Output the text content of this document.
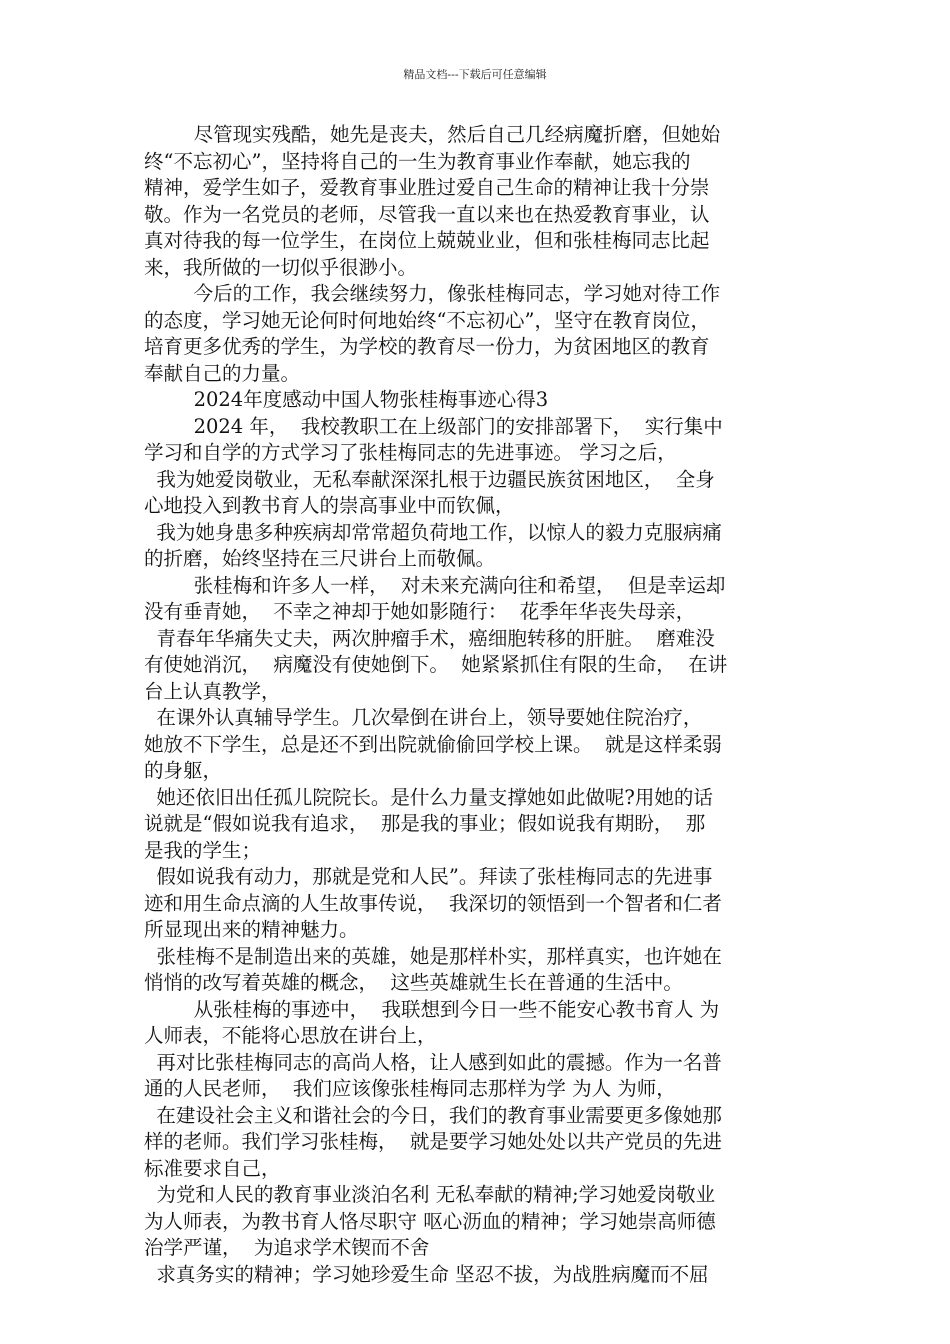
精品文档---下载后可任意编辑
尽管现实残酷，她先是丧夫，然后自己几经病魔折磨，但她始
终“不忘初心”，坚持将自己的一生为教育事业作奉献，她忘我的
精神，爱学生如子，爱教育事业胜过爱自己生命的精神让我十分崇
敬。作为一名党员的老师，尽管我一直以来也在热爱教育事业，认
真对待我的每一位学生，在岗位上兢兢业业，但和张桂梅同志比起
来，我所做的一切似乎很渺小。
今后的工作，我会继续努力，像张桂梅同志，学习她对待工作
的态度，学习她无论何时何地始终“不忘初心”，坚守在教育岗位，
培育更多优秀的学生，为学校的教育尽一份力，为贫困地区的教育
奉献自己的力量。
2024年度感动中国人物张桂梅事迹心得3
2024 年，  我校教职工在上级部门的安排部署下，  实行集中
学习和自学的方式学习了张桂梅同志的先进事迹。 学习之后，
我为她爱岗敬业，无私奉献深深扎根于边疆民族贫困地区，  全身
心地投入到教书育人的崇高事业中而钦佩，
我为她身患多种疾病却常常超负荷地工作，以惊人的毅力克服病痛
的折磨，始终坚持在三尺讲台上而敬佩。
张桂梅和许多人一样，  对未来充满向往和希望，  但是幸运却
没有垂青她，  不幸之神却于她如影随行：  花季年华丧失母亲，
青春年华痛失丈夫，两次肿瘤手术，癌细胞转移的肝脏。  磨难没
有使她消沉，  病魔没有使她倒下。  她紧紧抓住有限的生命，  在讲
台上认真教学，
在课外认真辅导学生。几次晕倒在讲台上，领导要她住院治疗，
她放不下学生，总是还不到出院就偷偷回学校上课。  就是这样柔弱
的身躯，
她还依旧出任孤儿院院长。是什么力量支撑她如此做呢?用她的话
说就是“假如说我有追求，  那是我的事业；假如说我有期盼，  那
是我的学生；
假如说我有动力，那就是党和人民”。拜读了张桂梅同志的先进事
迹和用生命点滴的人生故事传说，  我深切的领悟到一个智者和仁者
所显现出来的精神魅力。
张桂梅不是制造出来的英雄，她是那样朴实，那样真实，也许她在
悄悄的改写着英雄的概念，  这些英雄就生长在普通的生活中。
从张桂梅的事迹中，  我联想到今日一些不能安心教书育人 为
人师表，不能将心思放在讲台上，
再对比张桂梅同志的高尚人格，让人感到如此的震撼。作为一名普
通的人民老师，  我们应该像张桂梅同志那样为学 为人 为师，
在建设社会主义和谐社会的今日，我们的教育事业需要更多像她那
样的老师。我们学习张桂梅，  就是要学习她处处以共产党员的先进
标准要求自己，
为党和人民的教育事业淡泊名利 无私奉献的精神;学习她爱岗敬业
为人师表，为教书育人恪尽职守 呕心沥血的精神；学习她崇高师德
治学严谨，  为追求学术锲而不舍
求真务实的精神；学习她珍爱生命 坚忍不拔，为战胜病魔而不屈
